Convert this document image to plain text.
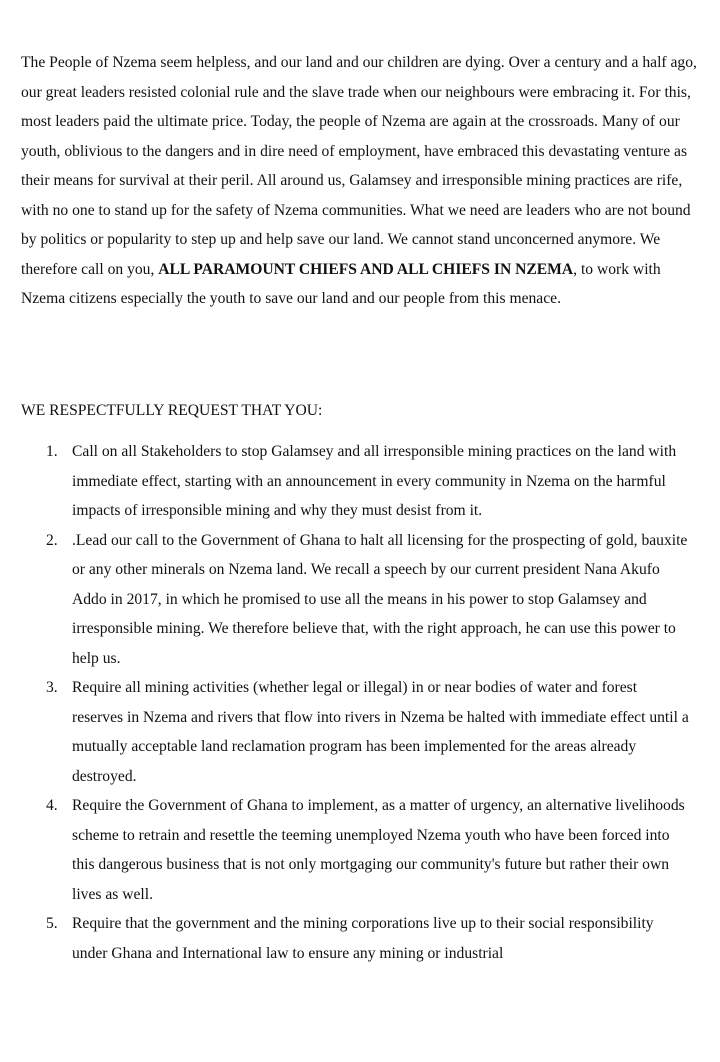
The People of Nzema seem helpless, and our land and our children are dying. Over a century and a half ago, our great leaders resisted colonial rule and the slave trade when our neighbours were embracing it. For this, most leaders paid the ultimate price. Today, the people of Nzema are again at the crossroads. Many of our youth, oblivious to the dangers and in dire need of employment, have embraced this devastating venture as their means for survival at their peril. All around us, Galamsey and irresponsible mining practices are rife, with no one to stand up for the safety of Nzema communities. What we need are leaders who are not bound by politics or popularity to step up and help save our land. We cannot stand unconcerned anymore. We therefore call on you, ALL PARAMOUNT CHIEFS AND ALL CHIEFS IN NZEMA, to work with Nzema citizens especially the youth to save our land and our people from this menace.

WE RESPECTFULLY REQUEST THAT YOU:

1. Call on all Stakeholders to stop Galamsey and all irresponsible mining practices on the land with immediate effect, starting with an announcement in every community in Nzema on the harmful impacts of irresponsible mining and why they must desist from it.
2. .Lead our call to the Government of Ghana to halt all licensing for the prospecting of gold, bauxite or any other minerals on Nzema land. We recall a speech by our current president Nana Akufo Addo in 2017, in which he promised to use all the means in his power to stop Galamsey and irresponsible mining. We therefore believe that, with the right approach, he can use this power to help us.
3. Require all mining activities (whether legal or illegal) in or near bodies of water and forest reserves in Nzema and rivers that flow into rivers in Nzema be halted with immediate effect until a mutually acceptable land reclamation program has been implemented for the areas already destroyed.
4. Require the Government of Ghana to implement, as a matter of urgency, an alternative livelihoods scheme to retrain and resettle the teeming unemployed Nzema youth who have been forced into this dangerous business that is not only mortgaging our community's future but rather their own lives as well.
5. Require that the government and the mining corporations live up to their social responsibility under Ghana and International law to ensure any mining or industrial
